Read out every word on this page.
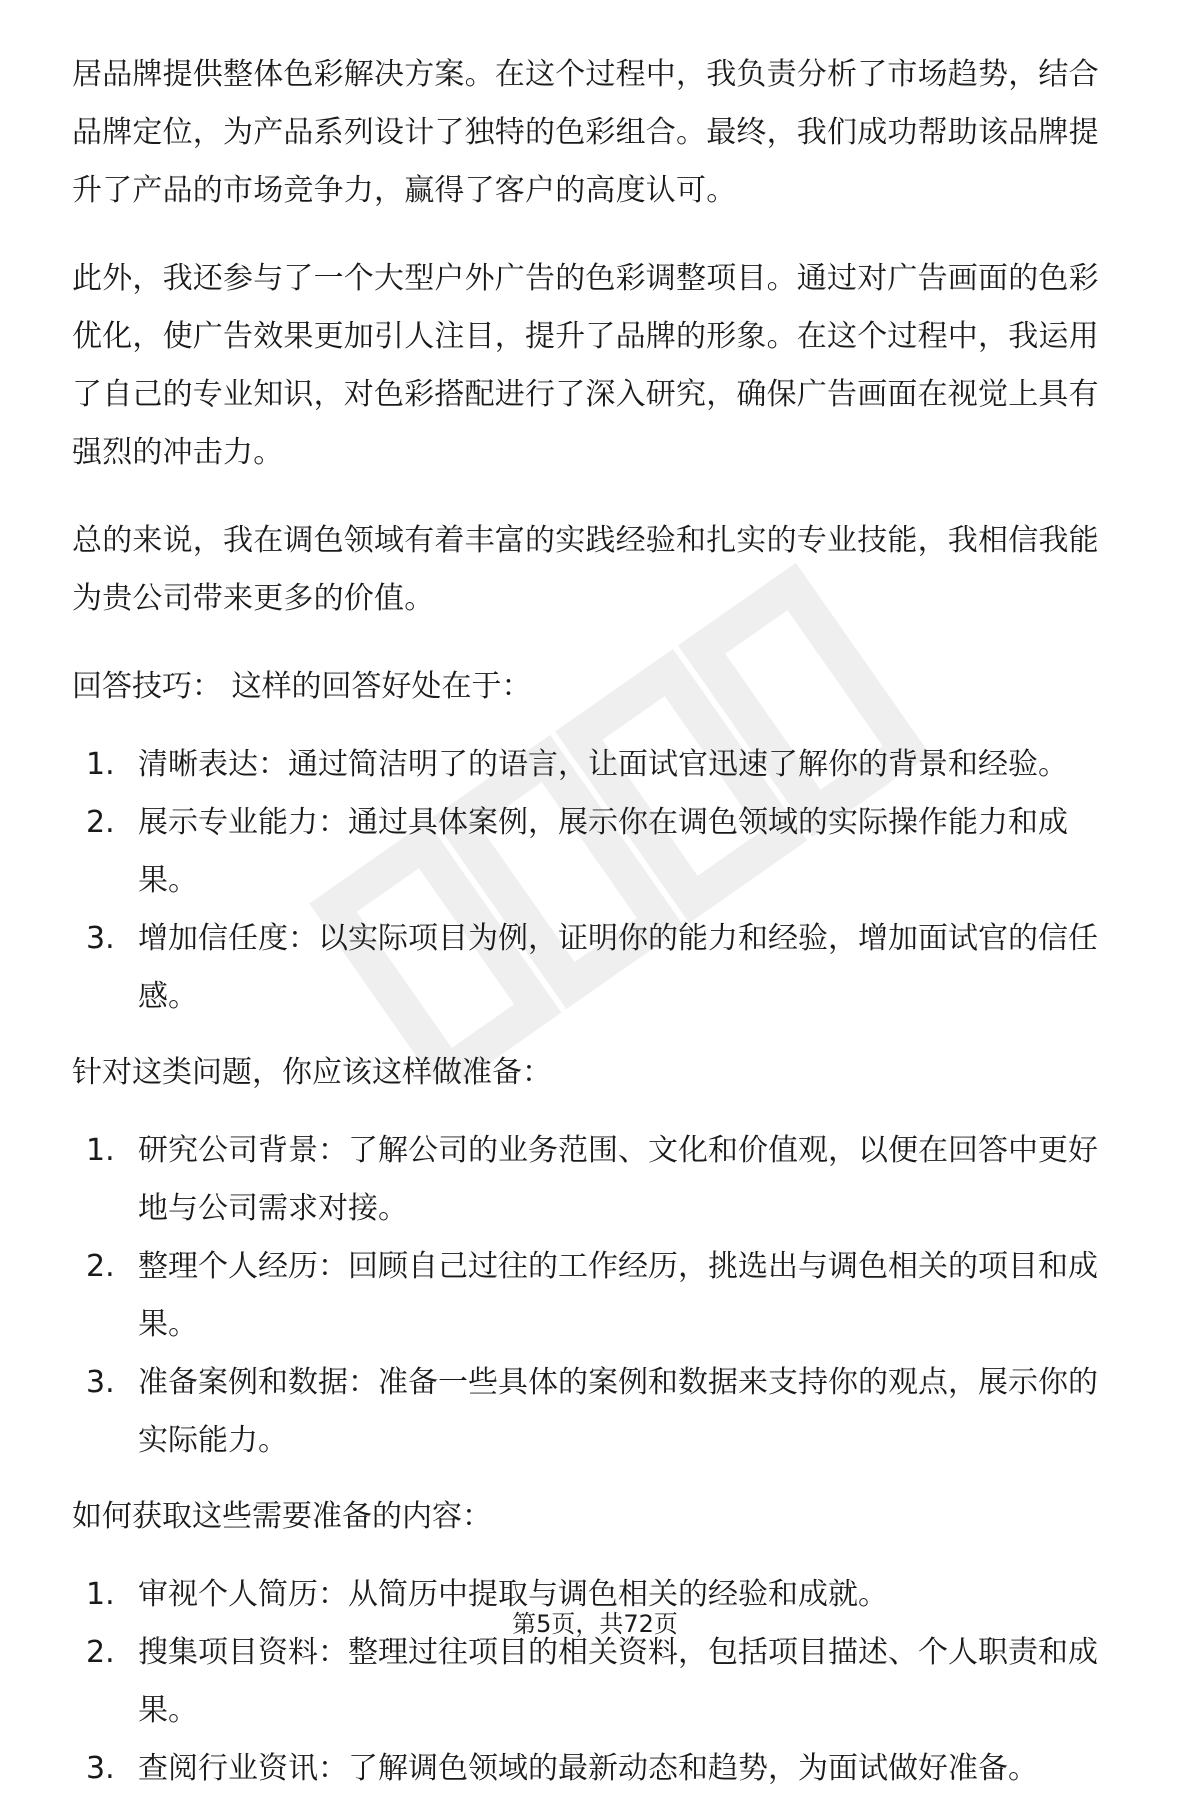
居品牌提供整体色彩解决方案。在这个过程中，我负责分析了市场趋势，结合品牌定位，为产品系列设计了独特的色彩组合。最终，我们成功帮助该品牌提升了产品的市场竞争力，赢得了客户的高度认可。

此外，我还参与了一个大型户外广告的色彩调整项目。通过对广告画面的色彩优化，使广告效果更加引人注目，提升了品牌的形象。在这个过程中，我运用了自己的专业知识，对色彩搭配进行了深入研究，确保广告画面在视觉上具有强烈的冲击力。

总的来说，我在调色领域有着丰富的实践经验和扎实的专业技能，我相信我能为贵公司带来更多的价值。

回答技巧： 这样的回答好处在于：

1. 清晰表达：通过简洁明了的语言，让面试官迅速了解你的背景和经验。
2. 展示专业能力：通过具体案例，展示你在调色领域的实际操作能力和成果。
3. 增加信任度：以实际项目为例，证明你的能力和经验，增加面试官的信任感。

针对这类问题，你应该这样做准备：

1. 研究公司背景：了解公司的业务范围、文化和价值观，以便在回答中更好地与公司需求对接。
2. 整理个人经历：回顾自己过往的工作经历，挑选出与调色相关的项目和成果。
3. 准备案例和数据：准备一些具体的案例和数据来支持你的观点，展示你的实际能力。

如何获取这些需要准备的内容：

1. 审视个人简历：从简历中提取与调色相关的经验和成就。
2. 搜集项目资料：整理过往项目的相关资料，包括项目描述、个人职责和成果。
3. 查阅行业资讯：了解调色领域的最新动态和趋势，为面试做好准备。
第5页，共72页
